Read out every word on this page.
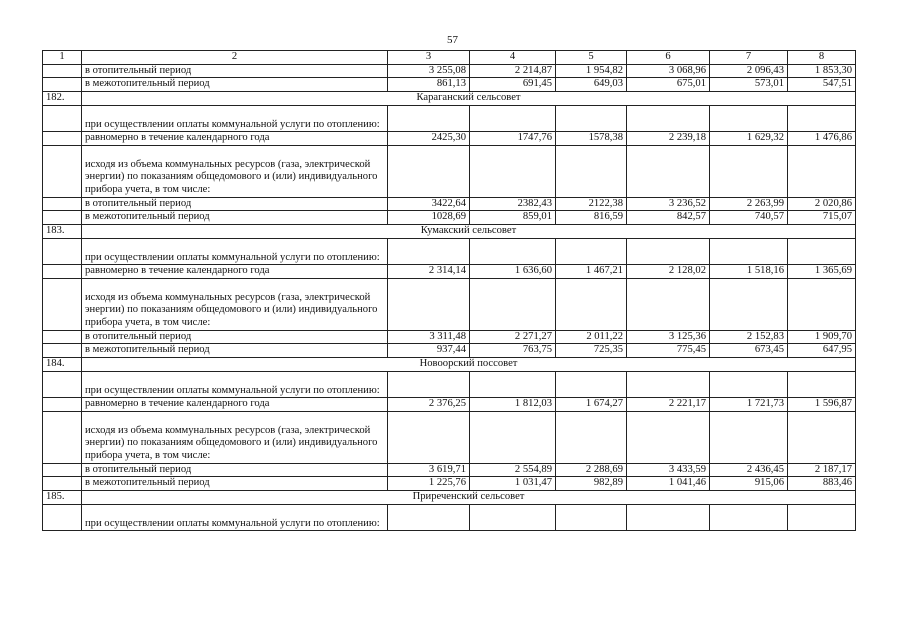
57
1	2	3	4	5	6	7	8
	в отопительный период	3 255,08	2 214,87	1 954,82	3 068,96	2 096,43	1 853,30
	в межотопительный период	861,13	691,45	649,03	675,01	573,01	547,51
182.	Караганский сельсовет						
	при осуществлении оплаты коммунальной услуги по отоплению:						
	равномерно в течение календарного года	2425,30	1747,76	1578,38	2 239,18	1 629,32	1 476,86
	исходя из объема коммунальных ресурсов (газа, электрической энергии) по показаниям общедомового и (или) индивидуального прибора учета, в том числе:						
	в отопительный период	3422,64	2382,43	2122,38	3 236,52	2 263,99	2 020,86
	в межотопительный период	1028,69	859,01	816,59	842,57	740,57	715,07
183.	Кумакский сельсовет						
	при осуществлении оплаты коммунальной услуги по отоплению:						
	равномерно в течение календарного года	2 314,14	1 636,60	1 467,21	2 128,02	1 518,16	1 365,69
	исходя из объема коммунальных ресурсов (газа, электрической энергии) по показаниям общедомового и (или) индивидуального прибора учета, в том числе:						
	в отопительный период	3 311,48	2 271,27	2 011,22	3 125,36	2 152,83	1 909,70
	в межотопительный период	937,44	763,75	725,35	775,45	673,45	647,95
184.	Новоорский поссовет						
	при осуществлении оплаты коммунальной услуги по отоплению:						
	равномерно в течение календарного года	2 376,25	1 812,03	1 674,27	2 221,17	1 721,73	1 596,87
	исходя из объема коммунальных ресурсов (газа, электрической энергии) по показаниям общедомового и (или) индивидуального прибора учета, в том числе:						
	в отопительный период	3 619,71	2 554,89	2 288,69	3 433,59	2 436,45	2 187,17
	в межотопительный период	1 225,76	1 031,47	982,89	1 041,46	915,06	883,46
185.	Приреченский сельсовет						
	при осуществлении оплаты коммунальной услуги по отоплению:						
